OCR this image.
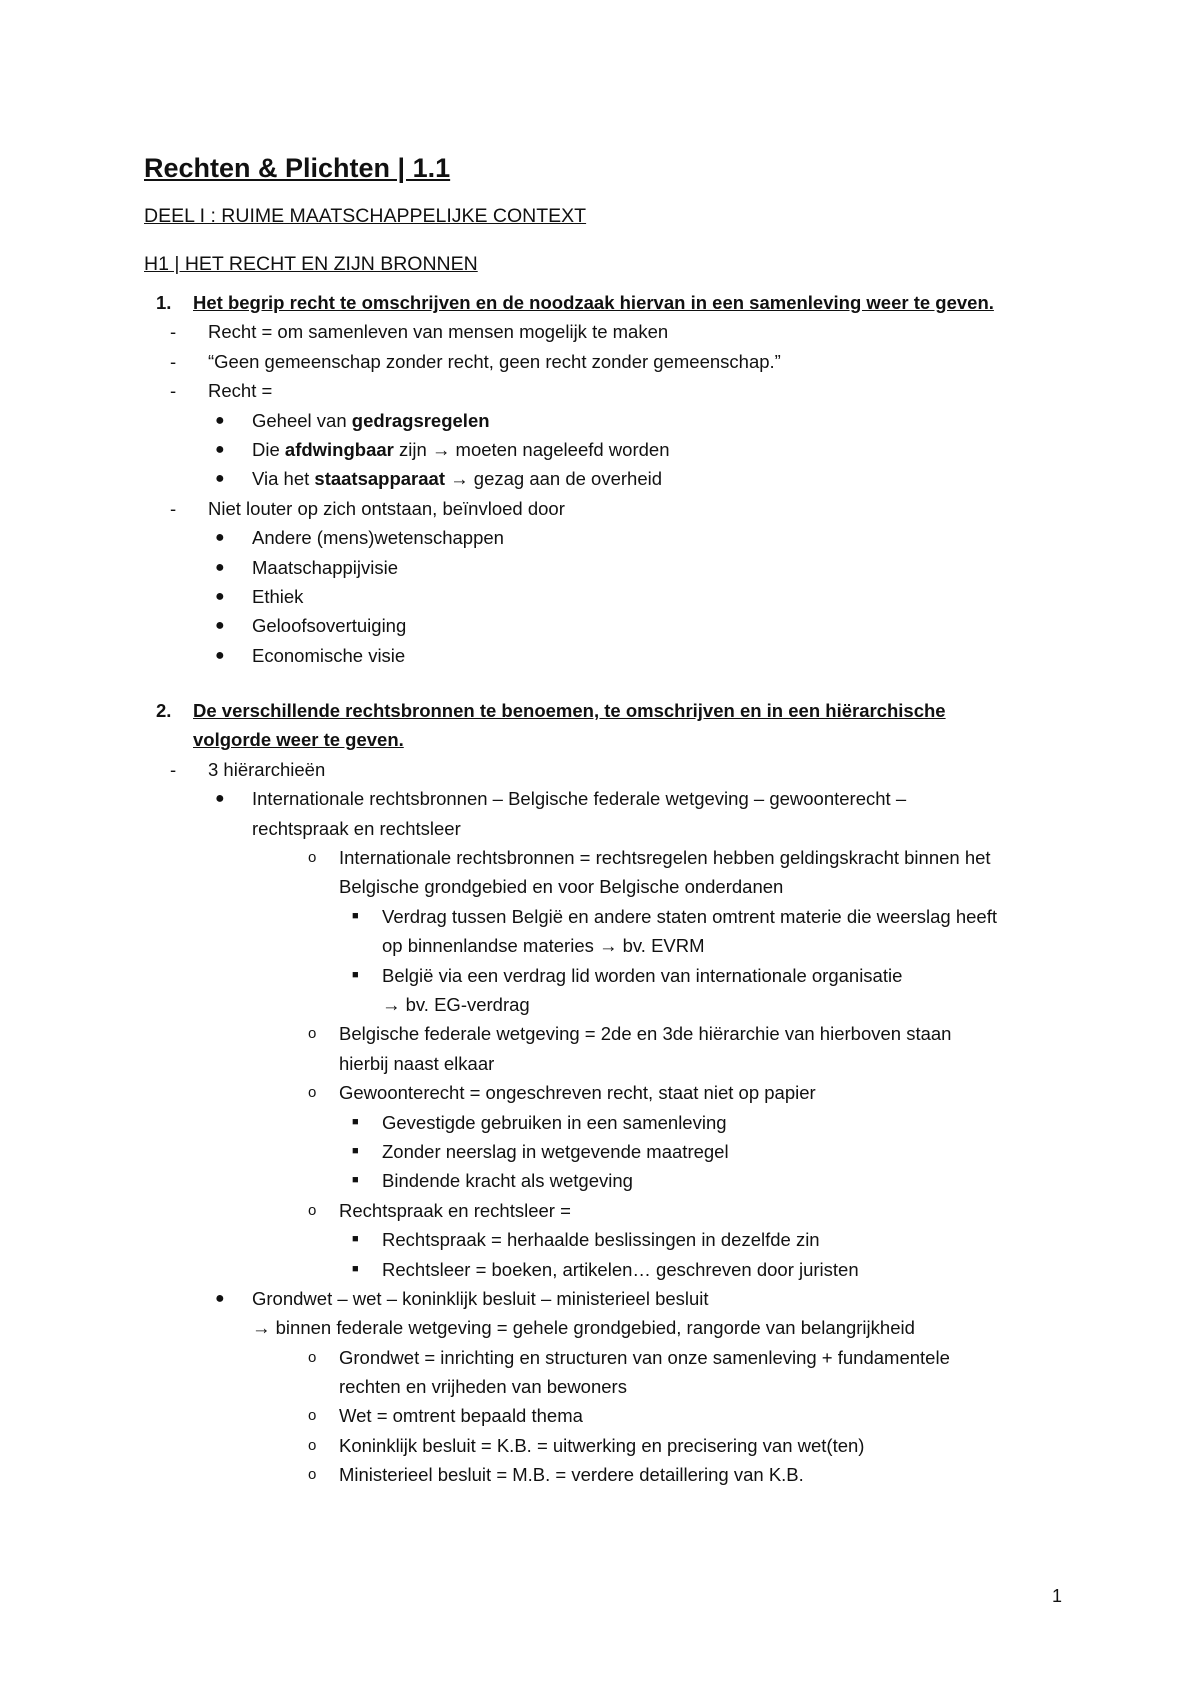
Rechten & Plichten | 1.1
DEEL I : RUIME MAATSCHAPPELIJKE CONTEXT
H1 | HET RECHT EN ZIJN BRONNEN
1. Het begrip recht te omschrijven en de noodzaak hiervan in een samenleving weer te geven.
- Recht = om samenleven van mensen mogelijk te maken
- “Geen gemeenschap zonder recht, geen recht zonder gemeenschap.”
- Recht =
● Geheel van gedragsregelen
● Die afdwingbaar zijn → moeten nageleefd worden
● Via het staatsapparaat → gezag aan de overheid
- Niet louter op zich ontstaan, beïnvloed door
● Andere (mens)wetenschappen
● Maatschappijvisie
● Ethiek
● Geloofsovertuiging
● Economische visie
2. De verschillende rechtsbronnen te benoemen, te omschrijven en in een hiërarchische
volgorde weer te geven.
- 3 hiërarchieën
● Internationale rechtsbronnen – Belgische federale wetgeving – gewoonterecht –
rechtspraak en rechtsleer
o Internationale rechtsbronnen = rechtsregelen hebben geldingskracht binnen het
Belgische grondgebied en voor Belgische onderdanen
■ Verdrag tussen België en andere staten omtrent materie die weerslag heeft
op binnenlandse materies → bv. EVRM
■ België via een verdrag lid worden van internationale organisatie
→ bv. EG-verdrag
o Belgische federale wetgeving = 2de en 3de hiërarchie van hierboven staan
hierbij naast elkaar
o Gewoonterecht = ongeschreven recht, staat niet op papier
■ Gevestigde gebruiken in een samenleving
■ Zonder neerslag in wetgevende maatregel
■ Bindende kracht als wetgeving
o Rechtspraak en rechtsleer =
■ Rechtspraak = herhaalde beslissingen in dezelfde zin
■ Rechtsleer = boeken, artikelen… geschreven door juristen
● Grondwet – wet – koninklijk besluit – ministerieel besluit
→ binnen federale wetgeving = gehele grondgebied, rangorde van belangrijkheid
o Grondwet = inrichting en structuren van onze samenleving + fundamentele
rechten en vrijheden van bewoners
o Wet = omtrent bepaald thema
o Koninklijk besluit = K.B. = uitwerking en precisering van wet(ten)
o Ministerieel besluit = M.B. = verdere detaillering van K.B.
1
